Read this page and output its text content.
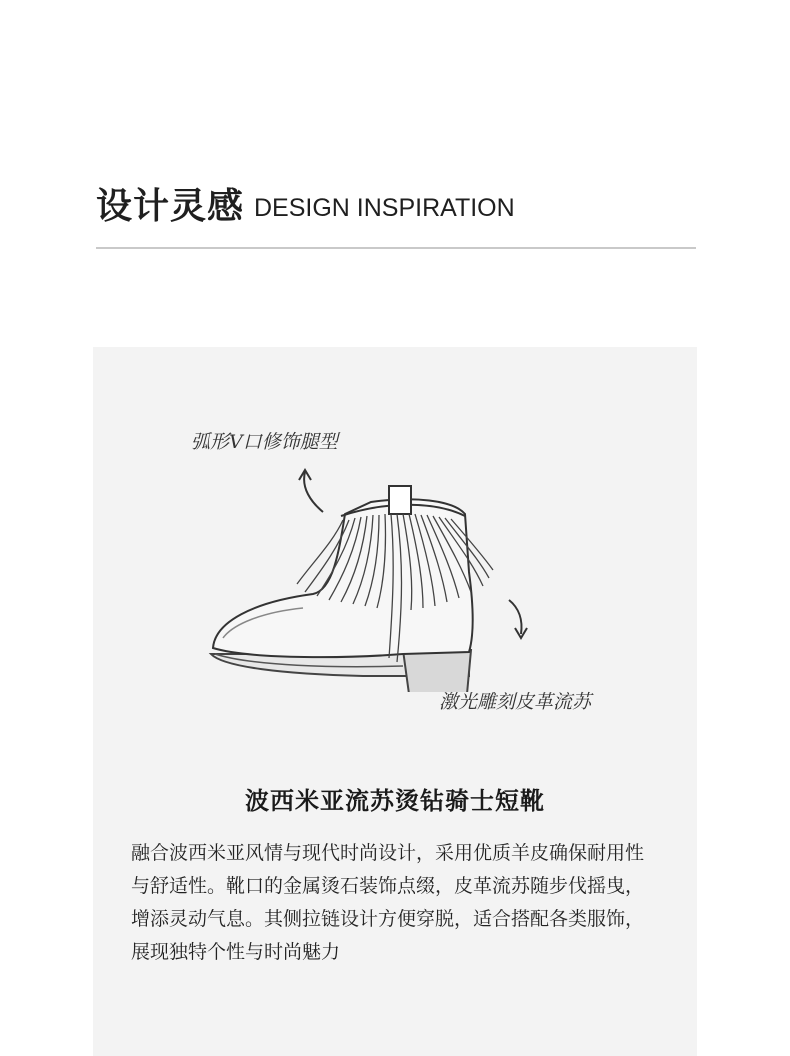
设计灵感 DESIGN INSPIRATION
弧形V口修饰腿型
激光雕刻皮革流苏
波西米亚流苏烫钻骑士短靴
融合波西米亚风情与现代时尚设计，采用优质羊皮确保耐用性与舒适性。靴口的金属烫石装饰点缀，皮革流苏随步伐摇曳，增添灵动气息。其侧拉链设计方便穿脱，适合搭配各类服饰，展现独特个性与时尚魅力
